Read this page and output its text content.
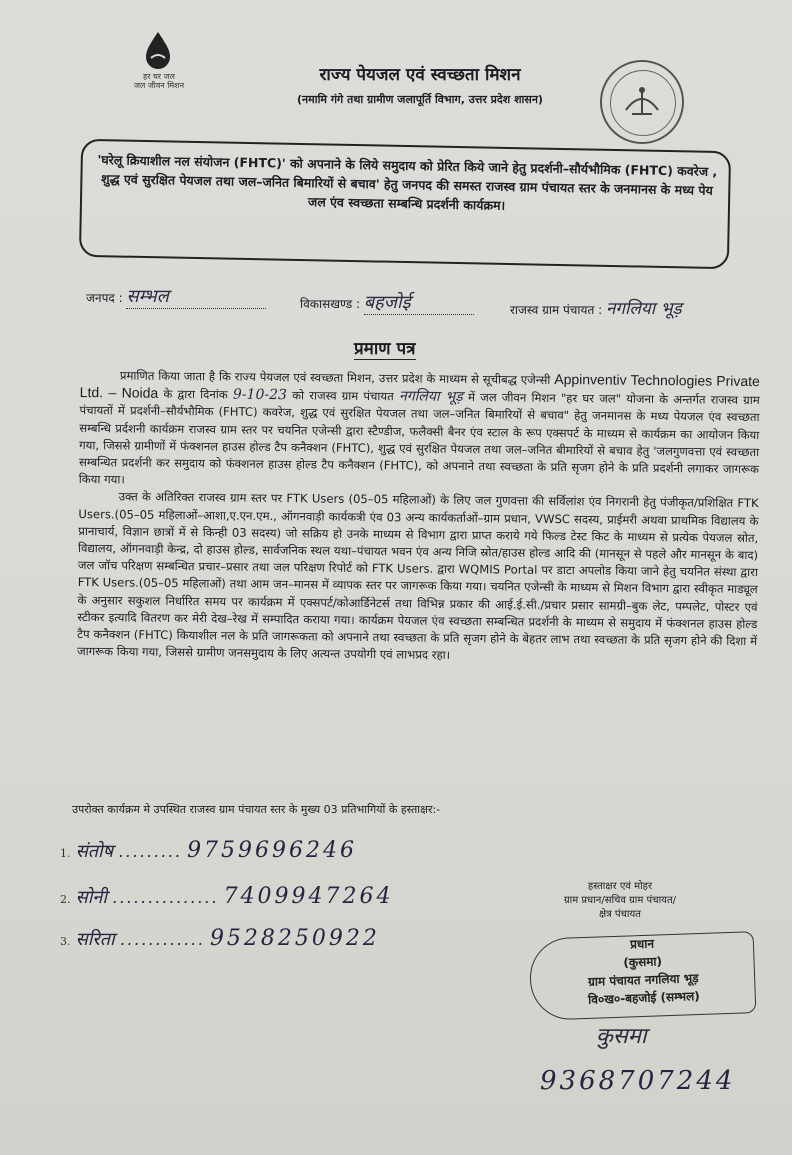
हर घर जल
जल जीवन मिशन
राज्य पेयजल एवं स्वच्छता मिशन
(नमामि गंगे तथा ग्रामीण जलापूर्ति विभाग, उत्तर प्रदेश शासन)
'घरेलू क्रियाशील नल संयोजन (FHTC)' को अपनाने के लिये समुदाय को प्रेरित किये जाने हेतु प्रदर्शनी–सौर्यभौमिक (FHTC) कवरेज , शुद्ध एवं सुरक्षित पेयजल तथा जल–जनित बिमारियों से बचाव' हेतु जनपद की समस्त राजस्व ग्राम पंचायत स्तर के जनमानस के मध्य पेय जल एंव स्वच्छता सम्बन्धि प्रदर्शनी कार्यक्रम।
जनपद : सम्भल	विकासखण्ड : बहजोई	राजस्व ग्राम पंचायत : नगलिया भूड़
प्रमाण पत्र

प्रमाणित किया जाता है कि राज्य पेयजल एवं स्वच्छता मिशन, उत्तर प्रदेश के माध्यम से सूचीबद्ध एजेन्सी Appinventiv Technologies Private Ltd. – Noida के द्वारा दिनांक 9-10-23 को राजस्व ग्राम पंचायत नगलिया भूड़ में जल जीवन मिशन "हर घर जल" योजना के अन्तर्गत राजस्व ग्राम पंचायतों में प्रदर्शनी–सौर्यभौमिक (FHTC) कवरेज, शुद्ध एवं सुरक्षित पेयजल तथा जल–जनित बिमारियों से बचाव" हेतु जनमानस के मध्य पेयजल एंव स्वच्छता सम्बन्धि प्रर्दशनी कार्यक्रम राजस्व ग्राम स्तर पर चयनित एजेन्सी द्वारा स्टैण्डीज, फलैक्सी बैनर एंव स्टाल के रूप एक्सपर्ट के माध्यम से कार्यक्रम का आयोजन किया गया, जिससे ग्रामीणों में फंक्शनल हाउस होल्ड टैप कनैक्शन (FHTC), शुद्ध एवं सुरक्षित पेयजल तथा जल–जनित बीमारियों से बचाव हेतु 'जलगुणवत्ता एवं स्वच्छता सम्बन्धित प्रदर्शनी कर समुदाय को फंक्शनल हाउस होल्ड टैप कनैक्शन (FHTC), को अपनाने तथा स्वच्छता के प्रति सृजग होने के प्रति प्रदर्शनी लगाकर जागरूक किया गया।

उक्त के अतिरिक्त राजस्व ग्राम स्तर पर FTK Users (05–05 महिलाओं) के लिए जल गुणवत्ता की सर्विलांश एंव निगरानी हेतु पंजीकृत/प्रशिक्षित FTK Users.(05–05 महिलाओं–आशा,ए.एन.एम., ऑगनवाड़ी कार्यकत्री एंव 03 अन्य कार्यकर्ताओं–ग्राम प्रधान, VWSC सदस्य, प्राईमरी अथवा प्राथमिक विद्यालय के प्रानाचार्य, विज्ञान छात्रों में से किन्ही 03 सदस्य) जो सक्रिय हो उनके माध्यम से विभाग द्वारा प्राप्त कराये गये फिल्ड टेस्ट किट के माध्यम से प्रत्येक पेयजल स्रोत, विद्यालय, ऑगनवाड़ी केन्द्र, दो हाउस होल्ड, सार्वजनिक स्थल यथा–पंचायत भवन एंव अन्य निजि स्रोत/हाउस होल्ड आदि की (मानसून से पहले और मानसून के बाद) जल जॉच परिक्षण सम्बन्धित प्रचार–प्रसार तथा जल परिक्षण रिपोर्ट को FTK Users. द्वारा WQMIS Portal पर डाटा अपलोड किया जाने हेतु चयनित संस्था द्वारा FTK Users.(05–05 महिलाओं) तथा आम जन–मानस में व्यापक स्तर पर जागरूक किया गया। चयनित एजेन्सी के माध्यम से मिशन विभाग द्वारा स्वीकृत माड्यूल के अनुसार सकुशल निर्धारित समय पर कार्यक्रम में एक्सपर्ट/कोआर्डिनेटर्स तथा विभिन्न प्रकार की आई.ई.सी./प्रचार प्रसार सामग्री–बुक लेट, पम्पलेट, पोस्टर एवं स्टीकर इत्यादि वितरण कर मेरी देख–रेख में सम्पादित कराया गया। कार्यक्रम पेयजल एंव स्वच्छता सम्बन्धित प्रदर्शनी के माध्यम से समुदाय में फंक्शनल हाउस होल्ड टैप कनैक्शन (FHTC) कियाशील नल के प्रति जागरूकता को अपनाने तथा स्वच्छता के प्रति सृजग होने के बेहतर लाभ तथा स्वच्छता के प्रति सृजग होने की दिशा में जागरूक किया गया, जिससे ग्रामीण जनसमुदाय के लिए अत्यन्त उपयोगी एवं लाभप्रद रहा।

उपरोक्त कार्यक्रम मे उपस्थित राजस्व ग्राम पंचायत स्तर के मुख्य 03 प्रतिभागियों के हस्ताक्षर:-
1. संतोष ......... 9759696246
2. सोनी ............... 7409947264
3. सरिता ............ 9528250922
हस्ताक्षर एवं मोहर
ग्राम प्रधान/सचिव ग्राम पंचायत/
क्षेत्र पंचायत
प्रधान
(कुसमा)
ग्राम पंचायत नगलिया भूड़
वि०ख०-बहजोई (सम्भल)
कुसमा
9368707244
